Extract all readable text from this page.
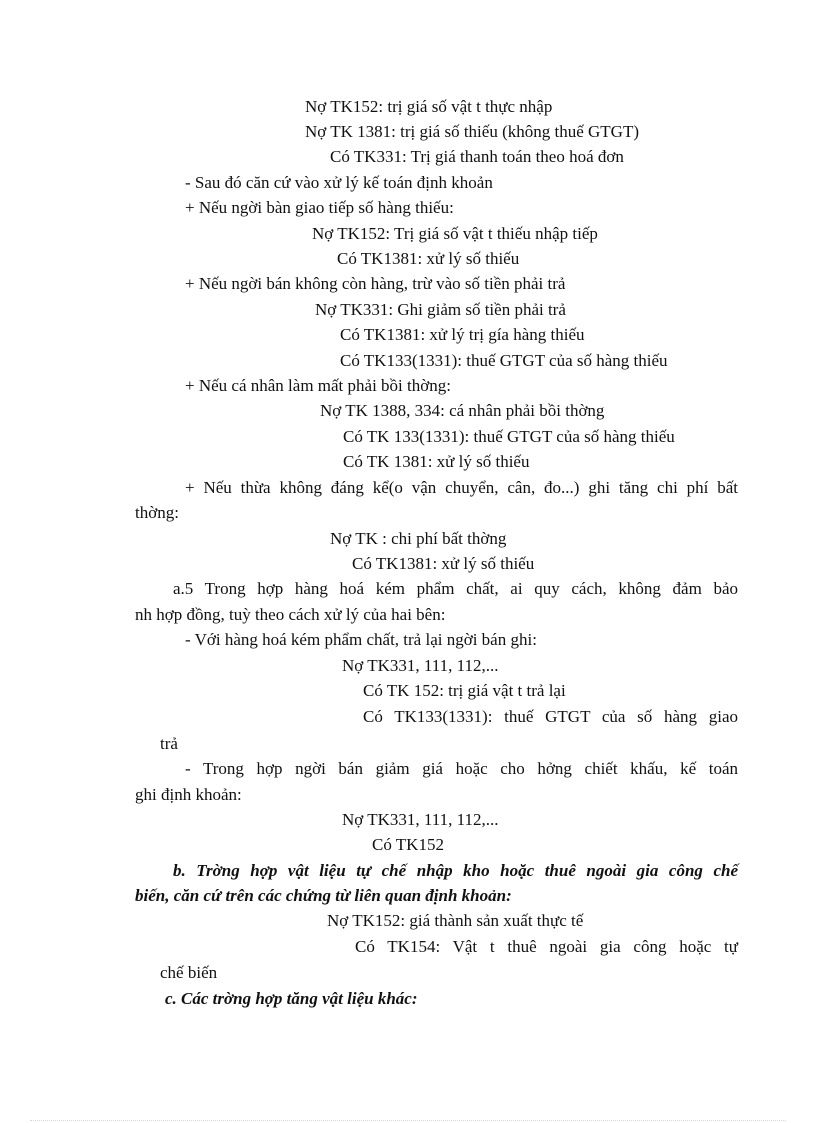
Nợ TK152: trị giá số vật t thực nhập
Nợ TK 1381: trị giá số thiếu (không thuế GTGT)
Có TK331: Trị giá thanh toán theo hoá đơn
- Sau đó căn cứ vào xử lý kế toán định khoản
+ Nếu ngời bàn giao tiếp số hàng thiếu:
Nợ TK152: Trị giá số vật t thiếu nhập tiếp
Có TK1381: xử lý số thiếu
+ Nếu ngời bán không còn hàng, trừ vào số tiền phải trả
Nợ TK331: Ghi giảm số tiền phải trả
Có TK1381: xử lý trị gía hàng thiếu
Có TK133(1331): thuế GTGT của số hàng thiếu
+ Nếu cá nhân làm mất phải bồi thờng:
Nợ TK 1388, 334: cá nhân phải bồi thờng
Có TK 133(1331): thuế GTGT của số hàng thiếu
Có TK 1381: xử lý số thiếu
+ Nếu thừa không đáng kể(o vận chuyển, cân, đo...) ghi tăng chi phí bất
thờng:
Nợ TK : chi phí bất thờng
Có TK1381: xử lý số thiếu
a.5 Trong hợp hàng hoá kém phẩm chất, ai quy cách, không đảm bảo
nh hợp đồng, tuỳ theo cách xử lý của hai bên:
- Với hàng hoá kém phẩm chất, trả lại ngời bán ghi:
Nợ TK331, 111, 112,...
Có TK 152: trị giá vật t trả lại
Có TK133(1331): thuế GTGT của số hàng giao
trả
- Trong hợp ngời bán giảm giá hoặc cho hởng chiết khấu, kế toán
ghi định khoản:
Nợ TK331, 111, 112,...
Có TK152
b. Trờng hợp vật liệu tự chế nhập kho hoặc thuê ngoài gia công chế
biến, căn cứ trên các chứng từ liên quan định khoản:
Nợ TK152: giá thành sản xuất thực tế
Có TK154: Vật t thuê ngoài gia công hoặc tự
chế biến
c. Các trờng hợp tăng vật liệu khác:
